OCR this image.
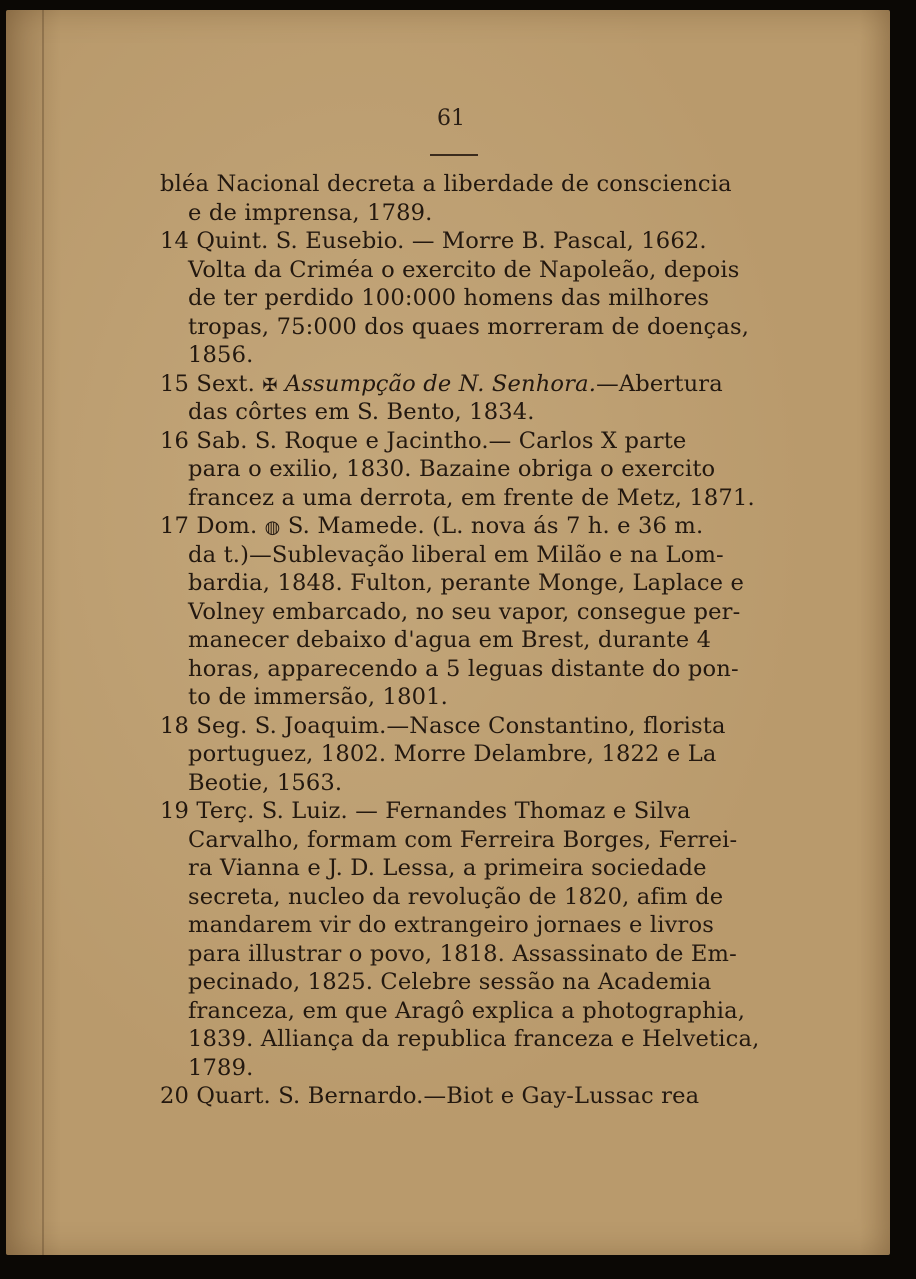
61
bléa Nacional decreta a liberdade de consciencia
e de imprensa, 1789.
14 Quint. S. Eusebio. — Morre B. Pascal, 1662.
Volta da Criméa o exercito de Napoleão, depois
de ter perdido 100:000 homens das milhores
tropas, 75:000 dos quaes morreram de doenças,
1856.
15 Sext. ✠ Assumpção de N. Senhora.—Abertura
das côrtes em S. Bento, 1834.
16 Sab. S. Roque e Jacintho.— Carlos X parte
para o exilio, 1830. Bazaine obriga o exercito
francez a uma derrota, em frente de Metz, 1871.
17 Dom. ◍ S. Mamede. (L. nova ás 7 h. e 36 m.
da t.)—Sublevação liberal em Milão e na Lom-
bardia, 1848. Fulton, perante Monge, Laplace e
Volney embarcado, no seu vapor, consegue per-
manecer debaixo d'agua em Brest, durante 4
horas, apparecendo a 5 leguas distante do pon-
to de immersão, 1801.
18 Seg. S. Joaquim.—Nasce Constantino, florista
portuguez, 1802. Morre Delambre, 1822 e La
Beotie, 1563.
19 Terç. S. Luiz. — Fernandes Thomaz e Silva
Carvalho, formam com Ferreira Borges, Ferrei-
ra Vianna e J. D. Lessa, a primeira sociedade
secreta, nucleo da revolução de 1820, afim de
mandarem vir do extrangeiro jornaes e livros
para illustrar o povo, 1818. Assassinato de Em-
pecinado, 1825. Celebre sessão na Academia
franceza, em que Aragô explica a photographia,
1839. Alliança da republica franceza e Helvetica,
1789.
20 Quart. S. Bernardo.—Biot e Gay-Lussac rea
